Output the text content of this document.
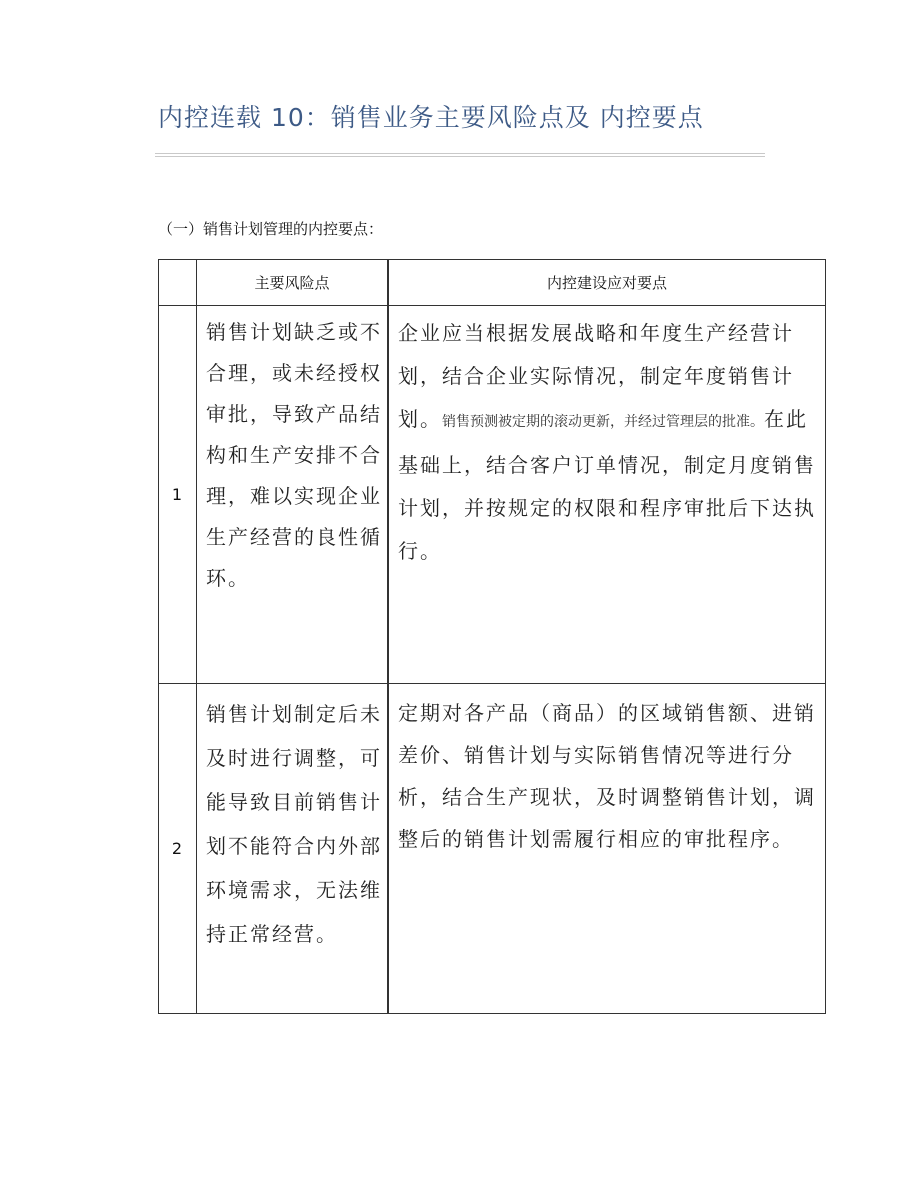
内控连载 10：销售业务主要风险点及 内控要点
（一）销售计划管理的内控要点：
主要风险点	内控建设应对要点
1
销售计划缺乏或不合理，或未经授权审批，导致产品结构和生产安排不合理，难以实现企业生产经营的良性循环。
企业应当根据发展战略和年度生产经营计划，结合企业实际情况，制定年度销售计划。销售预测被定期的滚动更新，并经过管理层的批准。在此基础上，结合客户订单情况，制定月度销售计划，并按规定的权限和程序审批后下达执行。
2
销售计划制定后未及时进行调整，可能导致目前销售计划不能符合内外部环境需求，无法维持正常经营。
定期对各产品（商品）的区域销售额、进销差价、销售计划与实际销售情况等进行分析，结合生产现状，及时调整销售计划，调整后的销售计划需履行相应的审批程序。
